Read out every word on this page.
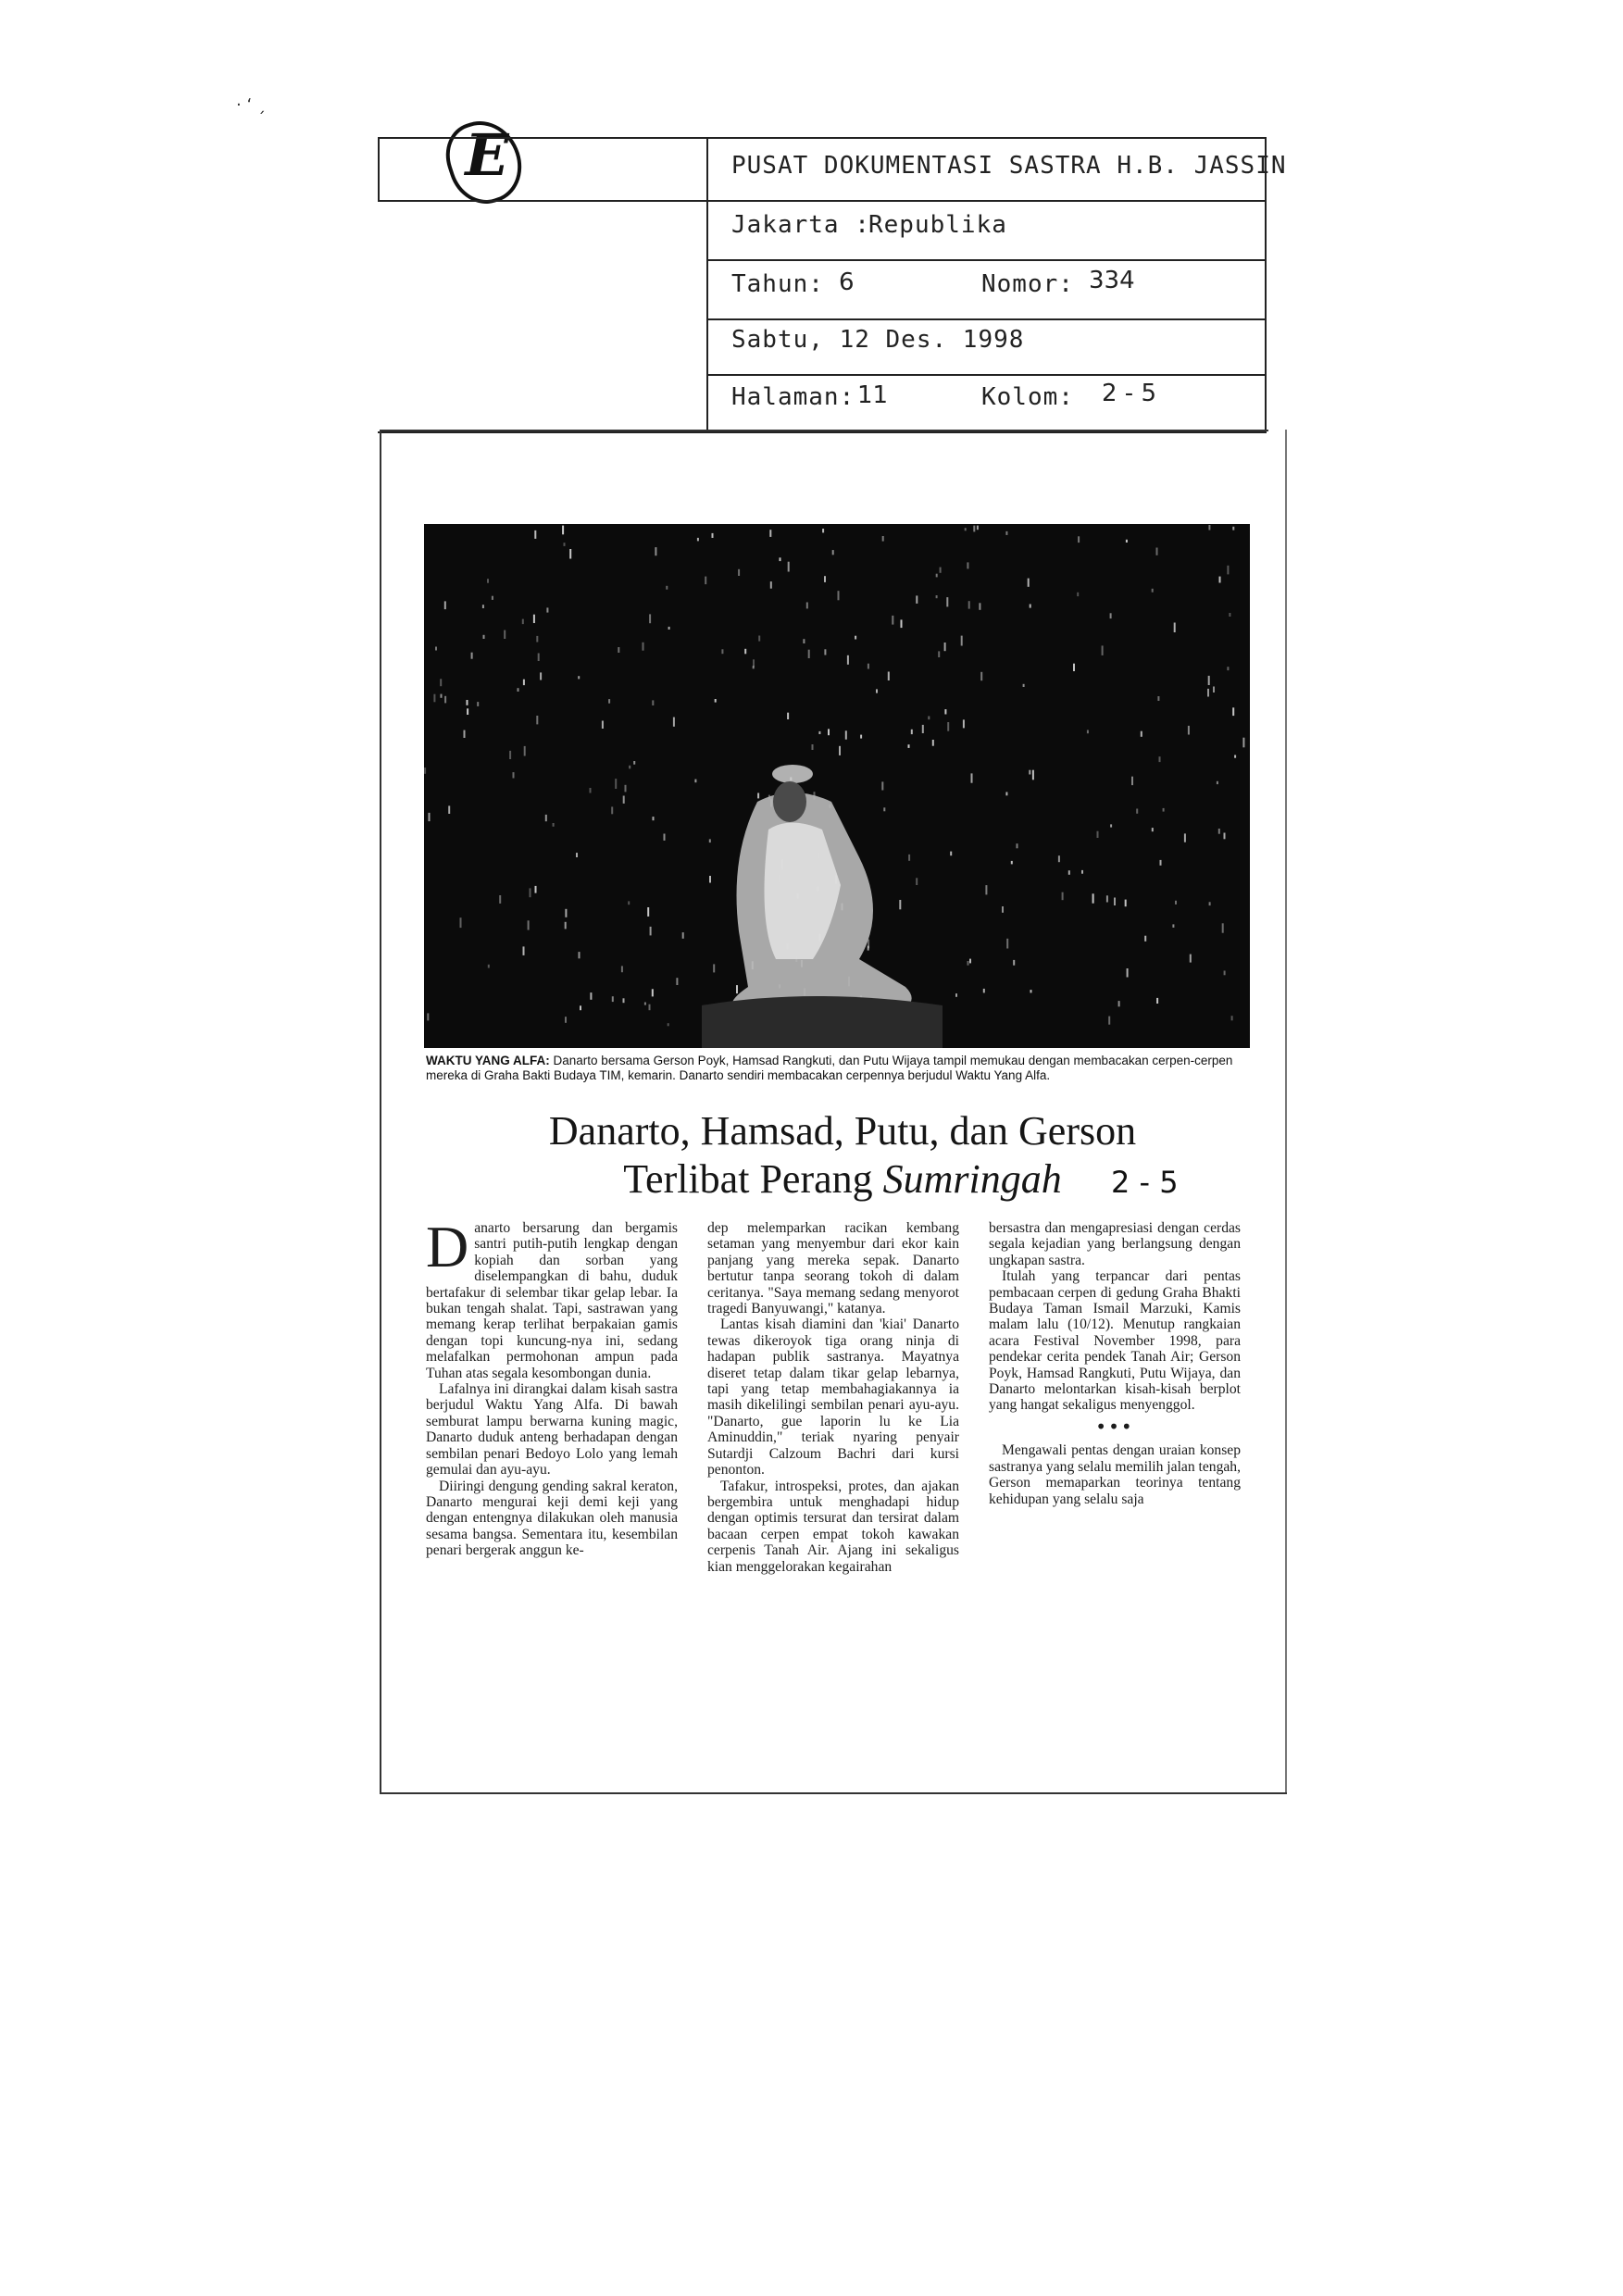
· ‘ ˏ
E	PUSAT DOKUMENTASI SASTRA H.B. JASSIN
Jakarta :
Republika
Tahun: 6	Nomor: 334
Sabtu, 12 Des. 1998
Halaman: 11	Kolom: 2 - 5
WAKTU YANG ALFA: Danarto bersama Gerson Poyk, Hamsad Rangkuti, dan Putu Wijaya tampil memukau dengan membacakan cerpen-cerpen mereka di Graha Bakti Budaya TIM, kemarin. Danarto sendiri membacakan cerpennya berjudul Waktu Yang Alfa.
Danarto, Hamsad, Putu, dan Gerson
Terlibat Perang Sumringah	2 - 5

Danarto bersarung dan bergamis santri putih-putih lengkap dengan kopiah dan sorban yang diselempangkan di bahu, duduk bertafakur di selembar tikar gelap lebar. Ia bukan tengah shalat. Tapi, sastrawan yang memang kerap terlihat berpakaian gamis dengan topi kuncung-nya ini, sedang melafalkan permohonan ampun pada Tuhan atas segala kesombongan dunia.

Lafalnya ini dirangkai dalam kisah sastra berjudul Waktu Yang Alfa. Di bawah semburat lampu berwarna kuning magic, Danarto duduk anteng berhadapan dengan sembilan penari Bedoyo Lolo yang lemah gemulai dan ayu-ayu.

Diiringi dengung gending sakral keraton, Danarto mengurai keji demi keji yang dengan entengnya dilakukan oleh manusia sesama bangsa. Sementara itu, kesembilan penari bergerak anggun ke-

dep melemparkan racikan kembang setaman yang menyembur dari ekor kain panjang yang mereka sepak. Danarto bertutur tanpa seorang tokoh di dalam ceritanya. "Saya memang sedang menyorot tragedi Banyuwangi," katanya.

Lantas kisah diamini dan 'kiai' Danarto tewas dikeroyok tiga orang ninja di hadapan publik sastranya. Mayatnya diseret tetap dalam tikar gelap lebarnya, tapi yang tetap membahagiakannya ia masih dikelilingi sembilan penari ayu-ayu. "Danarto, gue laporin lu ke Lia Aminuddin," teriak nyaring penyair Sutardji Calzoum Bachri dari kursi penonton.

Tafakur, introspeksi, protes, dan ajakan bergembira untuk menghadapi hidup dengan optimis tersurat dan tersirat dalam bacaan cerpen empat tokoh kawakan cerpenis Tanah Air. Ajang ini sekaligus kian menggelorakan kegairahan

bersastra dan mengapresiasi dengan cerdas segala kejadian yang berlangsung dengan ungkapan sastra.

Itulah yang terpancar dari pentas pembacaan cerpen di gedung Graha Bhakti Budaya Taman Ismail Marzuki, Kamis malam lalu (10/12). Menutup rangkaian acara Festival November 1998, para pendekar cerita pendek Tanah Air; Gerson Poyk, Hamsad Rangkuti, Putu Wijaya, dan Danarto melontarkan kisah-kisah berplot yang hangat sekaligus menyenggol.

•••

Mengawali pentas dengan uraian konsep sastranya yang selalu memilih jalan tengah, Gerson memaparkan teorinya tentang kehidupan yang selalu saja
